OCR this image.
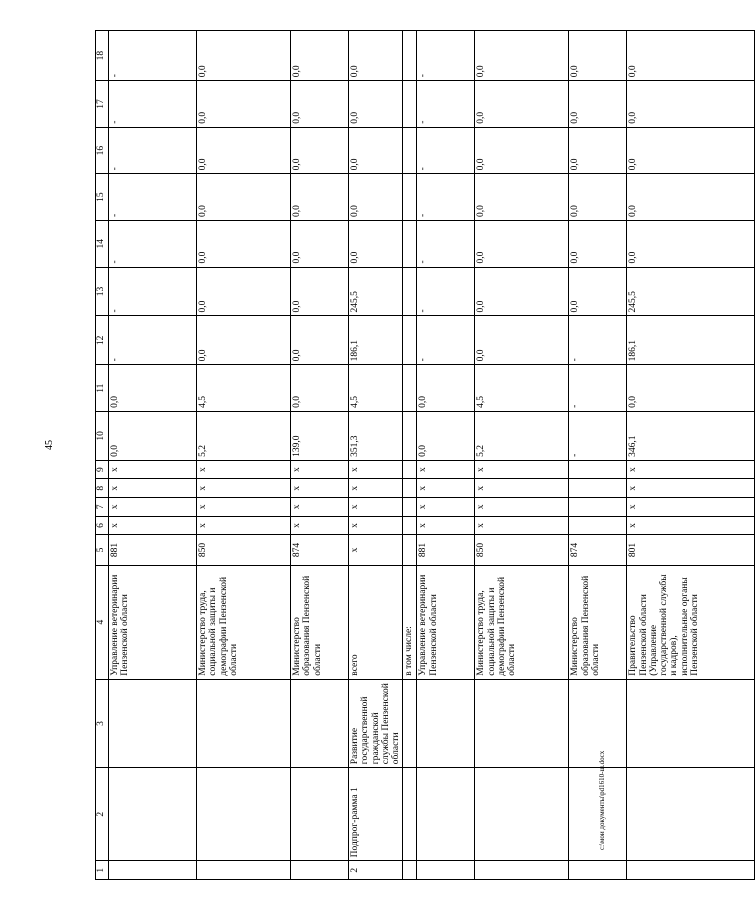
45
1	2	3	4	5	6	7	8	9	10	11	12	13	14	15	16	17	18
			Управление ветеринарии Пензенской области	881	х	х	х	х	0,0	0,0	-	-	-	-	-	-	-
			Министерство труда, социальной защиты и демографии Пензенской области	850	х	х	х	х	5,2	4,5	0,0	0,0	0,0	0,0	0,0	0,0	0,0
			Министерство образования Пензенской области	874	х	х	х	х	139,0	0,0	0,0	0,0	0,0	0,0	0,0	0,0	0,0
2	Подпрог-рамма 1	Развитие государственной гражданской службы Пензенской области	всего	х	х	х	х	х	351,3	4,5	186,1	245,5	0,0	0,0	0,0	0,0	0,0
			в том числе:														
			Управление ветеринарии Пензенской области	881	х	х	х	х	0,0	0,0	-	-	-	-	-	-	-
			Министерство труда, социальной защиты и демографии Пензенской области	850	х	х	х	х	5,2	4,5	0,0	0,0	0,0	0,0	0,0	0,0	0,0
			Министерство образования Пензенской области	874					-	-	-	0,0	0,0	0,0	0,0	0,0	0,0
			Правительство Пензенской области (Управление государственной службы и кадров), исполнительные органы Пензенской области	801	х	х	х	х	346,1	0,0	186,1	245,5	0,0	0,0	0,0	0,0	0,0
c:\мои документы\pd1610-ш.docx
